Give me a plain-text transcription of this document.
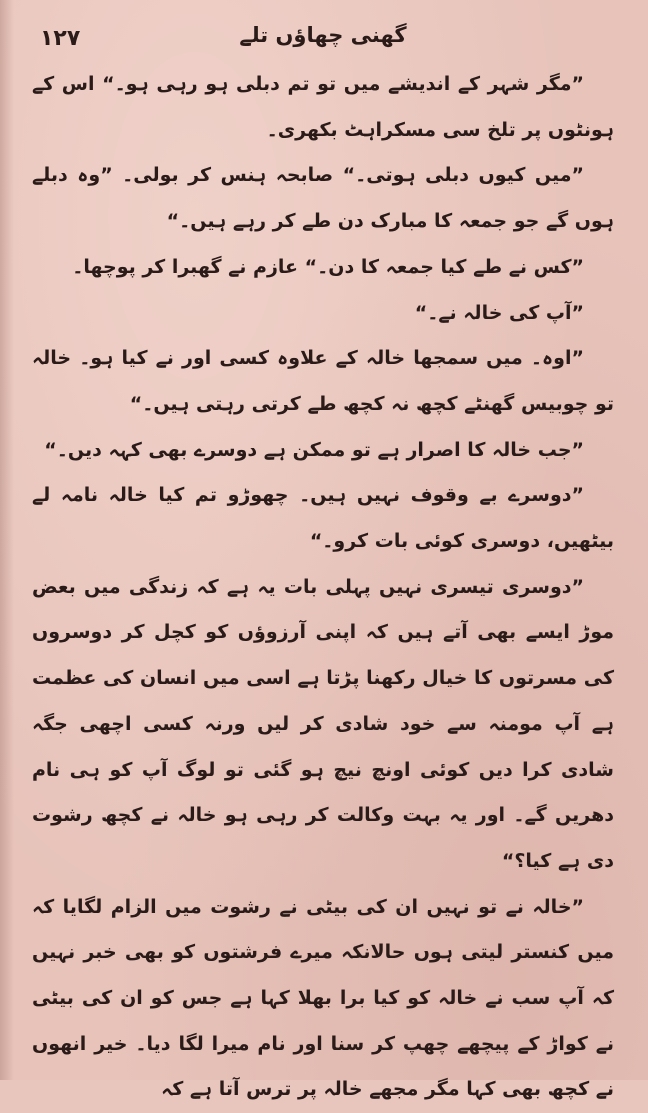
گھنی چھاؤں تلے
۱۲۷

”مگر شہر کے اندیشے میں تو تم دبلی ہو رہی ہو۔“ اس کے ہونٹوں پر تلخ سی مسکراہٹ بکھری۔

”میں کیوں دبلی ہوتی۔“ صابحہ ہنس کر بولی۔ ”وہ دبلے ہوں گے جو جمعہ کا مبارک دن طے کر رہے ہیں۔“

”کس نے طے کیا جمعہ کا دن۔“ عازم نے گھبرا کر پوچھا۔

”آپ کی خالہ نے۔“

”اوہ۔ میں سمجھا خالہ کے علاوہ کسی اور نے کیا ہو۔ خالہ تو چوبیس گھنٹے کچھ نہ کچھ طے کرتی رہتی ہیں۔“

”جب خالہ کا اصرار ہے تو ممکن ہے دوسرے بھی کہہ دیں۔“

”دوسرے بے وقوف نہیں ہیں۔ چھوڑو تم کیا خالہ نامہ لے بیٹھیں، دوسری کوئی بات کرو۔“

”دوسری تیسری نہیں پہلی بات یہ ہے کہ زندگی میں بعض موڑ ایسے بھی آتے ہیں کہ اپنی آرزوؤں کو کچل کر دوسروں کی مسرتوں کا خیال رکھنا پڑتا ہے اسی میں انسان کی عظمت ہے آپ مومنہ سے خود شادی کر لیں ورنہ کسی اچھی جگہ شادی کرا دیں کوئی اونچ نیچ ہو گئی تو لوگ آپ کو ہی نام دھریں گے۔ اور یہ بہت وکالت کر رہی ہو خالہ نے کچھ رشوت دی ہے کیا؟“

”خالہ نے تو نہیں ان کی بیٹی نے رشوت میں الزام لگایا کہ میں کنستر لیتی ہوں حالانکہ میرے فرشتوں کو بھی خبر نہیں کہ آپ سب نے خالہ کو کیا برا بھلا کہا ہے جس کو ان کی بیٹی نے کواڑ کے پیچھے چھپ کر سنا اور نام میرا لگا دیا۔ خیر انھوں نے کچھ بھی کہا مگر مجھے خالہ پر ترس آتا ہے کہ
